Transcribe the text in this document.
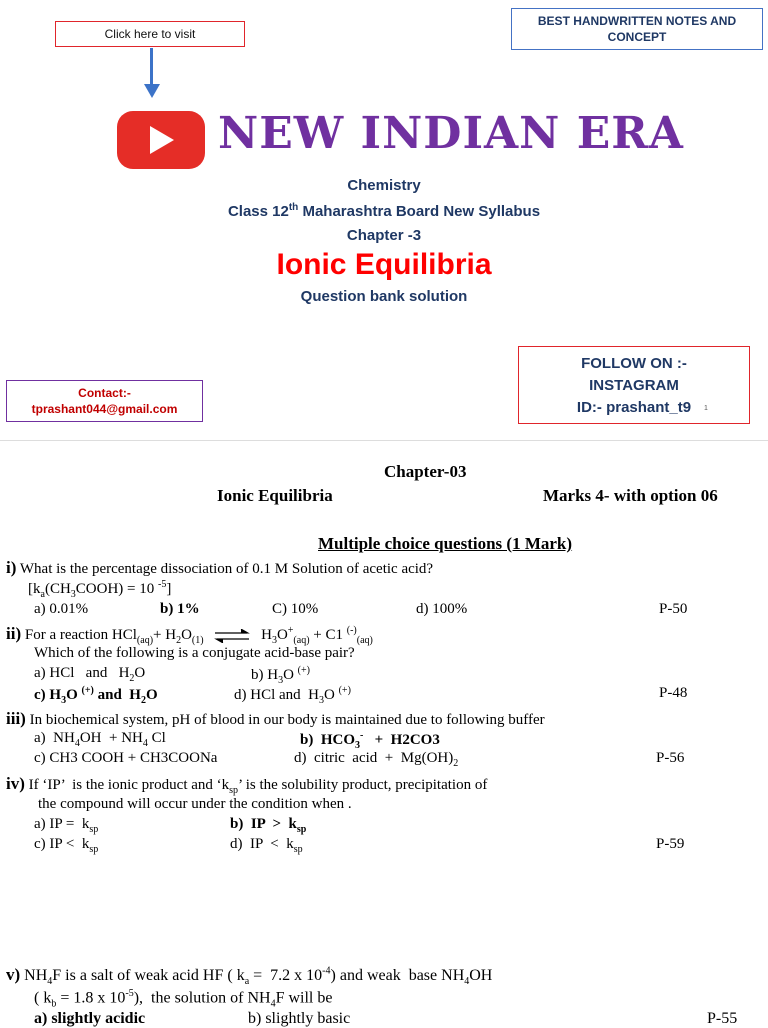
Click here to visit
BEST HANDWRITTEN NOTES AND CONCEPT
NEW INDIAN ERA
Chemistry
Class 12th Maharashtra Board New Syllabus
Chapter -3
Ionic Equilibria
Question bank solution
Contact:-
tprashant044@gmail.com
FOLLOW ON :-
INSTAGRAM
ID:- prashant_t9	1
Chapter-03
Ionic Equilibria	Marks 4- with option 06
Multiple choice questions (1 Mark)
i) What is the percentage dissociation of 0.1 M Solution of acetic acid?
[$k_a(CH_3COOH) = 10$ $^{-5}$]
a) 0.01%	b) 1%	C) 10%	d) 100%	P-50
ii) For a reaction $HCl_{(aq)}+ H_2O_{(1)}$ ⇌ $H_3O^+_{(aq)} + C1$ (-)$_{(aq)}$
Which of the following is a conjugate acid-base pair?
a) HCl   and   $H_2O$	b) $H_3O$ (+)
c) $H_3O$ (+) and  $H_2O$	d) HCl and  $H_3O$ (+)	P-48
iii) In biochemical system, pH of blood in our body is maintained due to following buffer
a)  $NH_4OH + NH_4$ Cl	b)  $HCO_3^- + H2CO3$
c) CH3 COOH + CH3COONa	d)  citric  acid  +  $Mg(OH)_2$	P-56
iv) If ‘IP’  is the ionic product and ‘$k_{sp}$’ is the solubility product, precipitation of
the compound will occur under the condition when .
a) IP =  $k_{sp}$	b)  IP  >  $k_{sp}$
c) IP <  $k_{sp}$	d)  IP  <  $k_{sp}$	P-59
v) $NH_4F$ is a salt of weak acid HF ( $k_a = 7.2$ x $10^{-4}$) and weak  base $NH_4OH$
( $k_b = 1.8$ x $10^{-5}$),  the solution of $NH_4F$ will be
a) slightly acidic	b) slightly basic	P-55
